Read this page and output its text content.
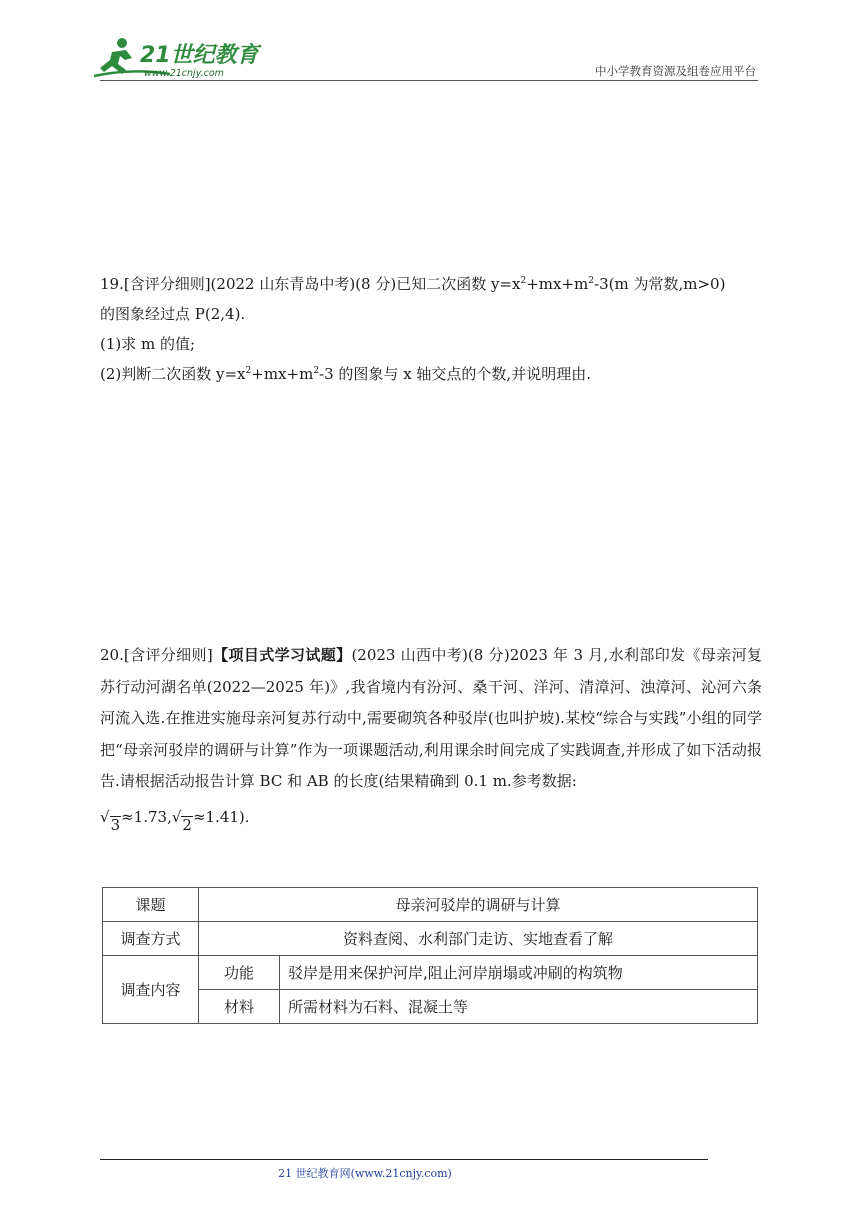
21世纪教育
www.21cnjy.com	中小学教育资源及组卷应用平台

19.[含评分细则](2022 山东青岛中考)(8 分)已知二次函数 $y=x^2+mx+m^2-3(m$ 为常数,m>0)

的图象经过点 P(2,4).

(1)求 m 的值;

(2)判断二次函数 $y=x^2+mx+m^2-3$ 的图象与 x 轴交点的个数,并说明理由.

20.[含评分细则]【项目式学习试题】(2023 山西中考)(8 分)2023 年 3 月,水利部印发《母亲河复苏行动河湖名单(2022—2025 年)》,我省境内有汾河、桑干河、洋河、清漳河、浊漳河、沁河六条河流入选.在推进实施母亲河复苏行动中,需要砌筑各种驳岸(也叫护坡).某校“综合与实践”小组的同学把“母亲河驳岸的调研与计算”作为一项课题活动,利用课余时间完成了实践调查,并形成了如下活动报告.请根据活动报告计算 BC 和 AB 的长度(结果精确到 0.1 m.参考数据:

√ 3 ≈1.73, √ 2 ≈1.41).

课题	母亲河驳岸的调研与计算	
调查方式	资料查阅、水利部门走访、实地查看了解	
调查内容	功能	驳岸是用来保护河岸,阻止河岸崩塌或冲刷的构筑物
	材料	所需材料为石料、混凝土等
21 世纪教育网(www.21cnjy.com)
